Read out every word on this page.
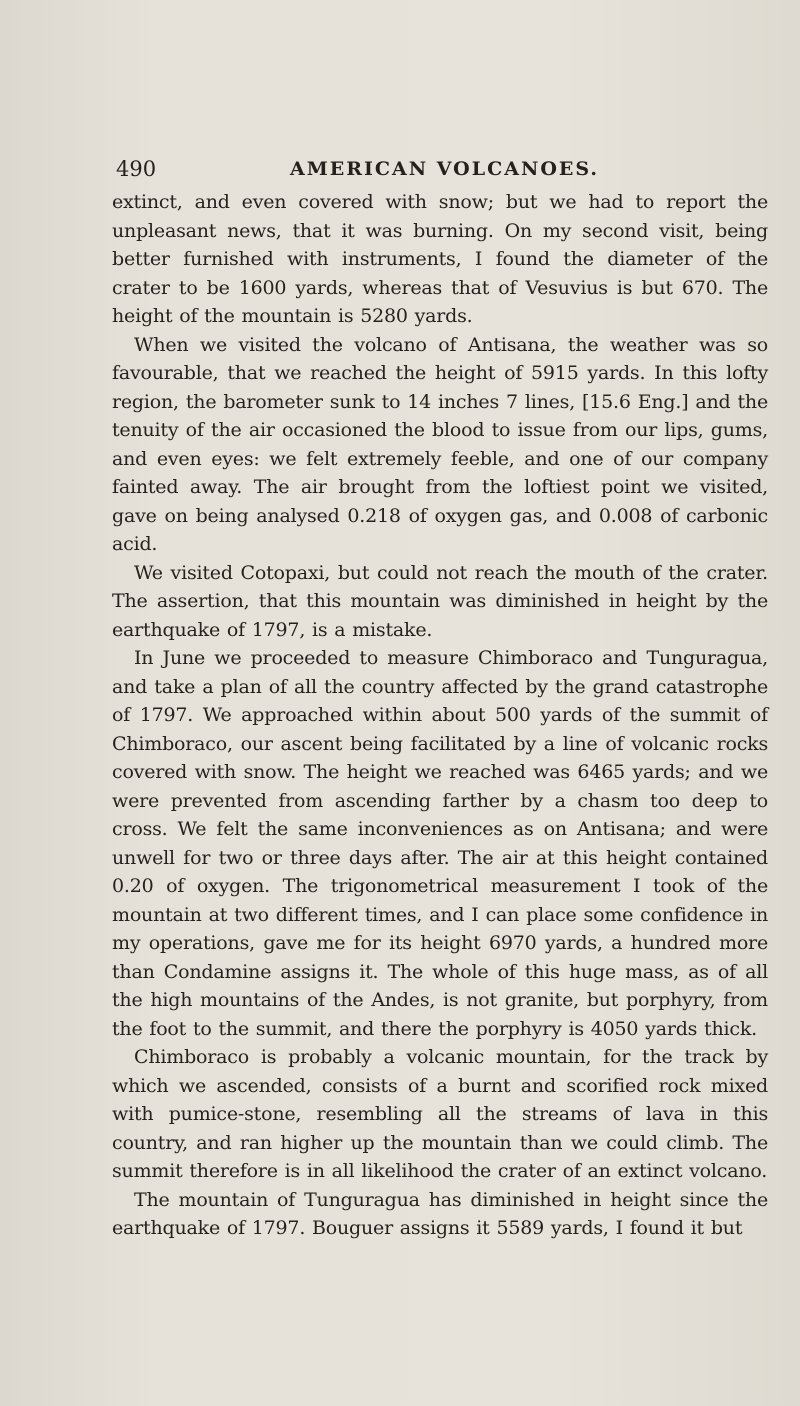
490	AMERICAN VOLCANOES.

extinct, and even covered with snow; but we had to report the unpleasant news, that it was burning. On my second visit, being better furnished with instruments, I found the diameter of the crater to be 1600 yards, whereas that of Vesuvius is but 670. The height of the mountain is 5280 yards.

When we visited the volcano of Antisana, the weather was so favourable, that we reached the height of 5915 yards. In this lofty region, the barometer sunk to 14 inches 7 lines, [15.6 Eng.] and the tenuity of the air occasioned the blood to issue from our lips, gums, and even eyes: we felt extremely feeble, and one of our company fainted away. The air brought from the loftiest point we visited, gave on being analysed 0.218 of oxygen gas, and 0.008 of carbonic acid.

We visited Cotopaxi, but could not reach the mouth of the crater. The assertion, that this mountain was diminished in height by the earthquake of 1797, is a mistake.

In June we proceeded to measure Chimboraco and Tunguragua, and take a plan of all the country affected by the grand catastrophe of 1797. We approached within about 500 yards of the summit of Chimboraco, our ascent being facilitated by a line of volcanic rocks covered with snow. The height we reached was 6465 yards; and we were prevented from ascending farther by a chasm too deep to cross. We felt the same inconveniences as on Antisana; and were unwell for two or three days after. The air at this height contained 0.20 of oxygen. The trigonometrical measurement I took of the mountain at two different times, and I can place some confidence in my operations, gave me for its height 6970 yards, a hundred more than Condamine assigns it. The whole of this huge mass, as of all the high mountains of the Andes, is not granite, but porphyry, from the foot to the summit, and there the porphyry is 4050 yards thick.

Chimboraco is probably a volcanic mountain, for the track by which we ascended, consists of a burnt and scorified rock mixed with pumice-stone, resembling all the streams of lava in this country, and ran higher up the mountain than we could climb. The summit therefore is in all likelihood the crater of an extinct volcano.

The mountain of Tunguragua has diminished in height since the earthquake of 1797. Bouguer assigns it 5589 yards, I found it but
